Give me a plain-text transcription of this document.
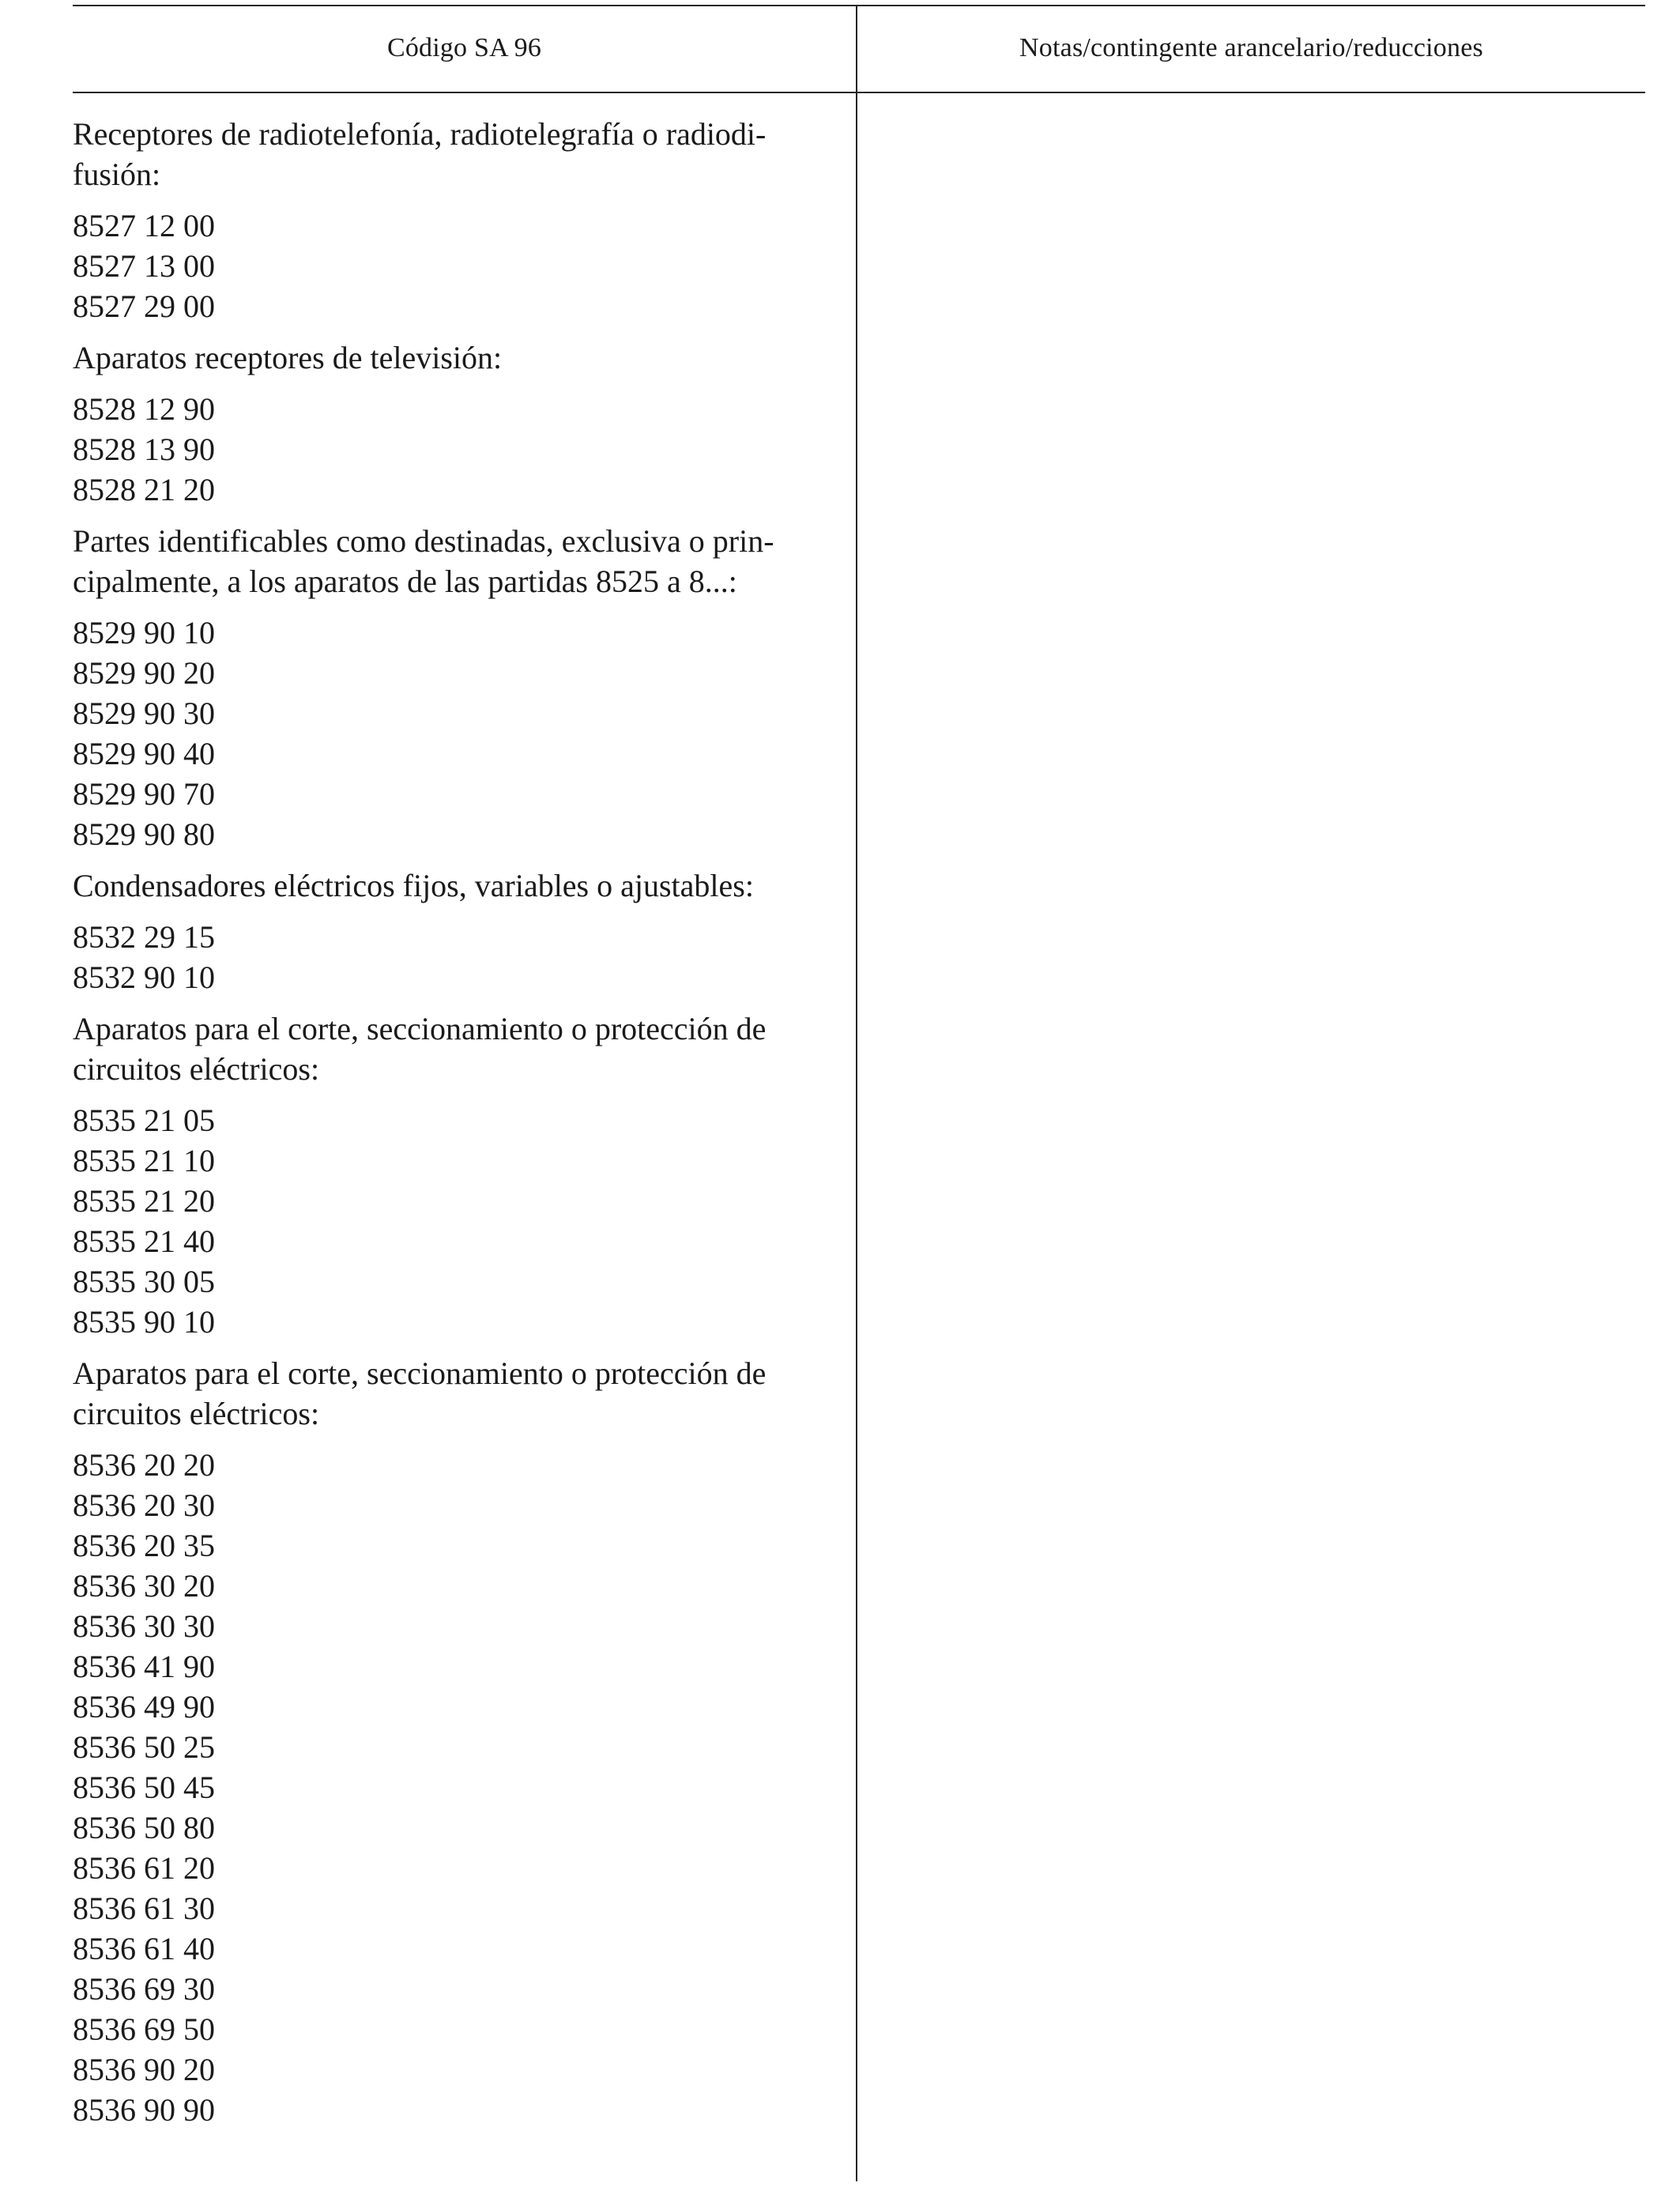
Código SA 96	Notas/contingente arancelario/reducciones
Receptores de radiotelefonía, radiotelegrafía o radiodi-
fusión:
8527 12 00
8527 13 00
8527 29 00
Aparatos receptores de televisión:
8528 12 90
8528 13 90
8528 21 20
Partes identificables como destinadas, exclusiva o prin-
cipalmente, a los aparatos de las partidas 8525 a 8...:
8529 90 10
8529 90 20
8529 90 30
8529 90 40
8529 90 70
8529 90 80
Condensadores eléctricos fijos, variables o ajustables:
8532 29 15
8532 90 10
Aparatos para el corte, seccionamiento o protección de
circuitos eléctricos:
8535 21 05
8535 21 10
8535 21 20
8535 21 40
8535 30 05
8535 90 10
Aparatos para el corte, seccionamiento o protección de
circuitos eléctricos:
8536 20 20
8536 20 30
8536 20 35
8536 30 20
8536 30 30
8536 41 90
8536 49 90
8536 50 25
8536 50 45
8536 50 80
8536 61 20
8536 61 30
8536 61 40
8536 69 30
8536 69 50
8536 90 20
8536 90 90
